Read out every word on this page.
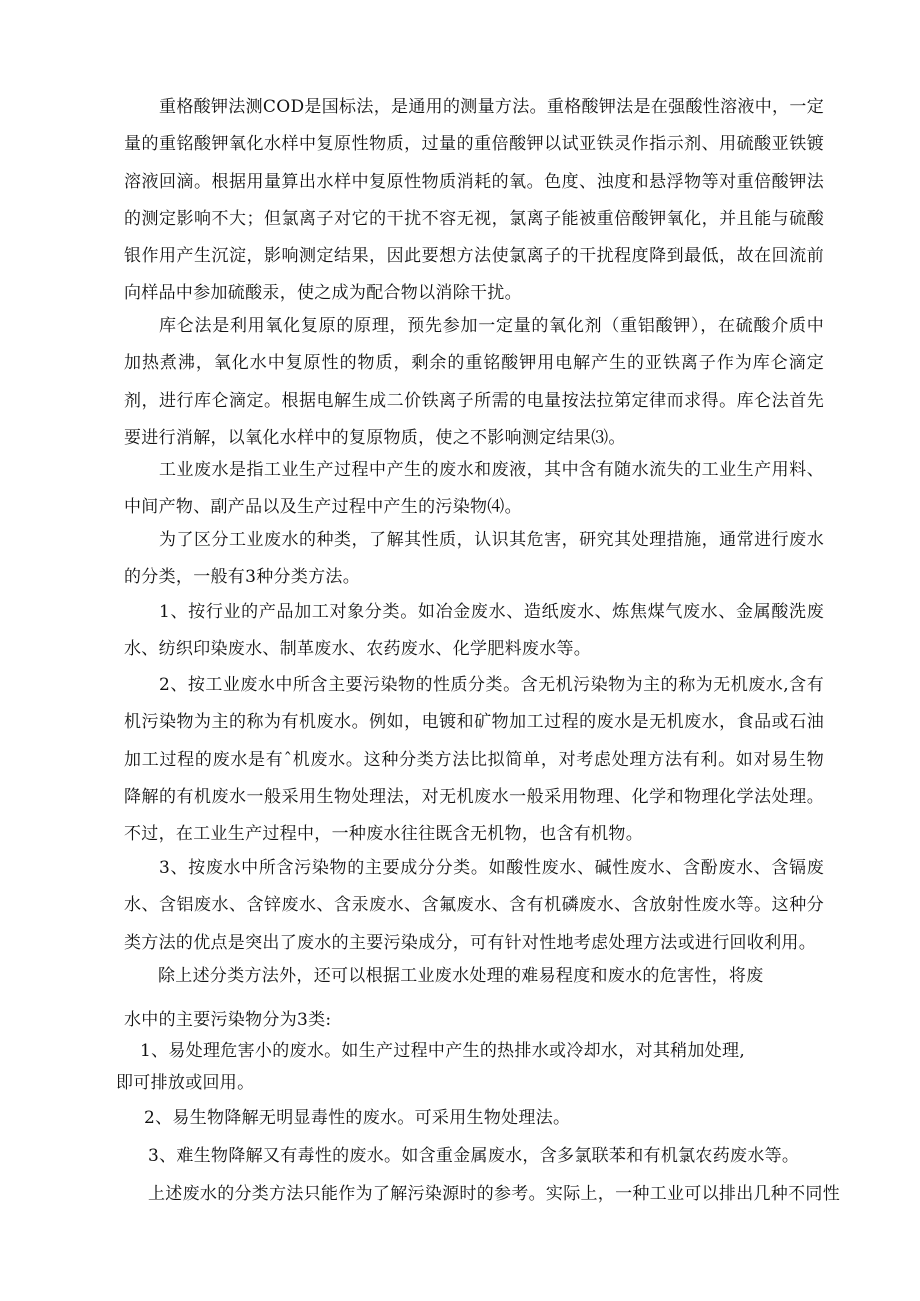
重格酸钾法测COD是国标法，是通用的测量方法。重格酸钾法是在强酸性溶液中，一定量的重铭酸钾氧化水样中复原性物质，过量的重倍酸钾以试亚铁灵作指示剂、用硫酸亚铁镀溶液回滴。根据用量算出水样中复原性物质消耗的氧。色度、浊度和悬浮物等对重倍酸钾法的测定影响不大；但氯离子对它的干扰不容无视，氯离子能被重倍酸钾氧化，并且能与硫酸银作用产生沉淀，影响测定结果，因此要想方法使氯离子的干扰程度降到最低，故在回流前向样品中参加硫酸汞，使之成为配合物以消除干扰。

库仑法是利用氧化复原的原理，预先参加一定量的氧化剂（重铝酸钾），在硫酸介质中加热煮沸，氧化水中复原性的物质，剩余的重铭酸钾用电解产生的亚铁离子作为库仑滴定剂，进行库仑滴定。根据电解生成二价铁离子所需的电量按法拉第定律而求得。库仑法首先要进行消解，以氧化水样中的复原物质，使之不影响测定结果⑶。

工业废水是指工业生产过程中产生的废水和废液，其中含有随水流失的工业生产用料、中间产物、副产品以及生产过程中产生的污染物⑷。

为了区分工业废水的种类，了解其性质，认识其危害，研究其处理措施，通常进行废水的分类，一般有3种分类方法。

1、按行业的产品加工对象分类。如冶金废水、造纸废水、炼焦煤气废水、金属酸洗废水、纺织印染废水、制革废水、农药废水、化学肥料废水等。

2、按工业废水中所含主要污染物的性质分类。含无机污染物为主的称为无机废水,含有机污染物为主的称为有机废水。例如，电镀和矿物加工过程的废水是无机废水，食品或石油加工过程的废水是有ˆ机废水。这种分类方法比拟简单，对考虑处理方法有利。如对易生物降解的有机废水一般采用生物处理法，对无机废水一般采用物理、化学和物理化学法处理。不过，在工业生产过程中，一种废水往往既含无机物，也含有机物。

3、按废水中所含污染物的主要成分分类。如酸性废水、碱性废水、含酚废水、含镉废水、含铝废水、含锌废水、含汞废水、含氟废水、含有机磷废水、含放射性废水等。这种分类方法的优点是突出了废水的主要污染成分，可有针对性地考虑处理方法或进行回收利用。

除上述分类方法外，还可以根据工业废水处理的难易程度和废水的危害性，将废

水中的主要污染物分为3类:

1、易处理危害小的废水。如生产过程中产生的热排水或冷却水，对其稍加处理,

即可排放或回用。

2、易生物降解无明显毒性的废水。可采用生物处理法。

3、难生物降解又有毒性的废水。如含重金属废水，含多氯联苯和有机氯农药废水等。

上述废水的分类方法只能作为了解污染源时的参考。实际上，一种工业可以排出几种不同性
